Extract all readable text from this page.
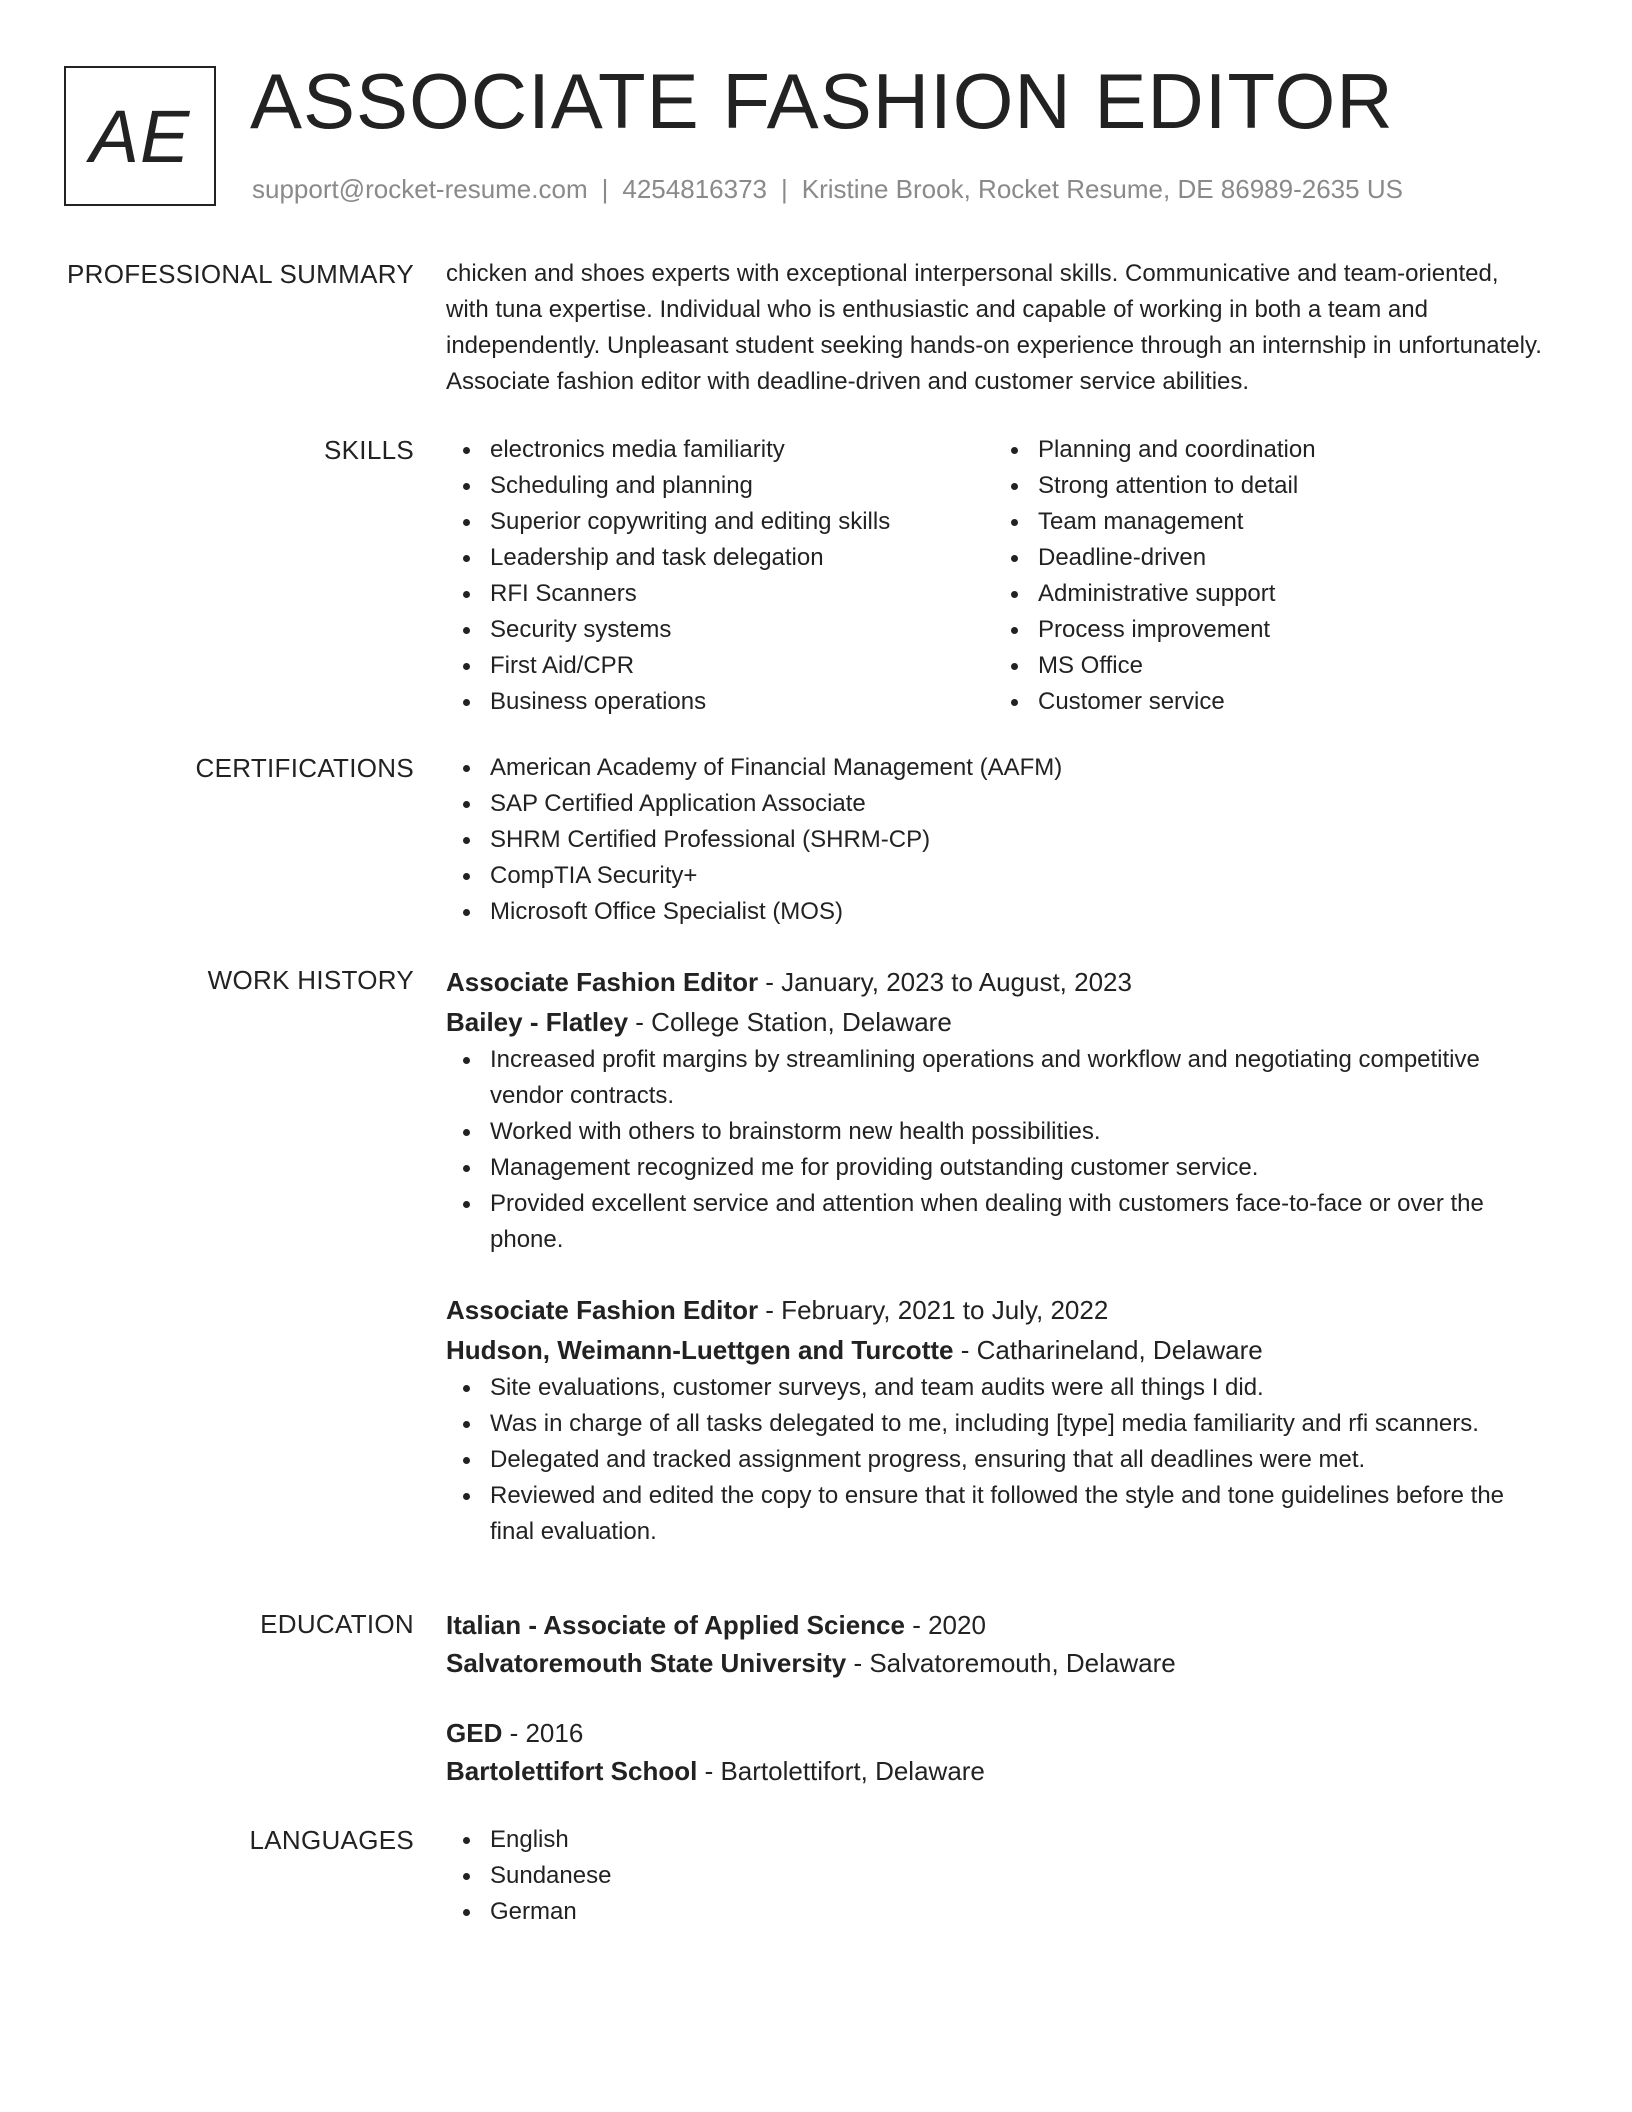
AE ASSOCIATE FASHION EDITOR
support@rocket-resume.com | 4254816373 | Kristine Brook, Rocket Resume, DE 86989-2635 US
PROFESSIONAL SUMMARY chicken and shoes experts with exceptional interpersonal skills. Communicative and team-oriented, with tuna expertise. Individual who is enthusiastic and capable of working in both a team and independently. Unpleasant student seeking hands-on experience through an internship in unfortunately. Associate fashion editor with deadline-driven and customer service abilities.

SKILLS	electronics media familiarity
Scheduling and planning
Superior copywriting and editing skills
Leadership and task delegation
RFI Scanners
Security systems
First Aid/CPR
Business operations
Planning and coordination
Strong attention to detail
Team management
Deadline-driven
Administrative support
Process improvement
MS Office
Customer service
CERTIFICATIONS	American Academy of Financial Management (AAFM)
SAP Certified Application Associate
SHRM Certified Professional (SHRM-CP)
CompTIA Security+
Microsoft Office Specialist (MOS)
WORK HISTORY Associate Fashion Editor - January, 2023 to August, 2023
Bailey - Flatley - College Station, Delaware
Increased profit margins by streamlining operations and workflow and negotiating competitive vendor contracts.
Worked with others to brainstorm new health possibilities.
Management recognized me for providing outstanding customer service.
Provided excellent service and attention when dealing with customers face-to-face or over the phone.
Associate Fashion Editor - February, 2021 to July, 2022
Hudson, Weimann-Luettgen and Turcotte - Catharineland, Delaware
Site evaluations, customer surveys, and team audits were all things I did.
Was in charge of all tasks delegated to me, including [type] media familiarity and rfi scanners.
Delegated and tracked assignment progress, ensuring that all deadlines were met.
Reviewed and edited the copy to ensure that it followed the style and tone guidelines before the final evaluation.
EDUCATION Italian - Associate of Applied Science - 2020
Salvatoremouth State University - Salvatoremouth, Delaware
GED - 2016
Bartolettifort School - Bartolettifort, Delaware
LANGUAGES	English
Sundanese
German
